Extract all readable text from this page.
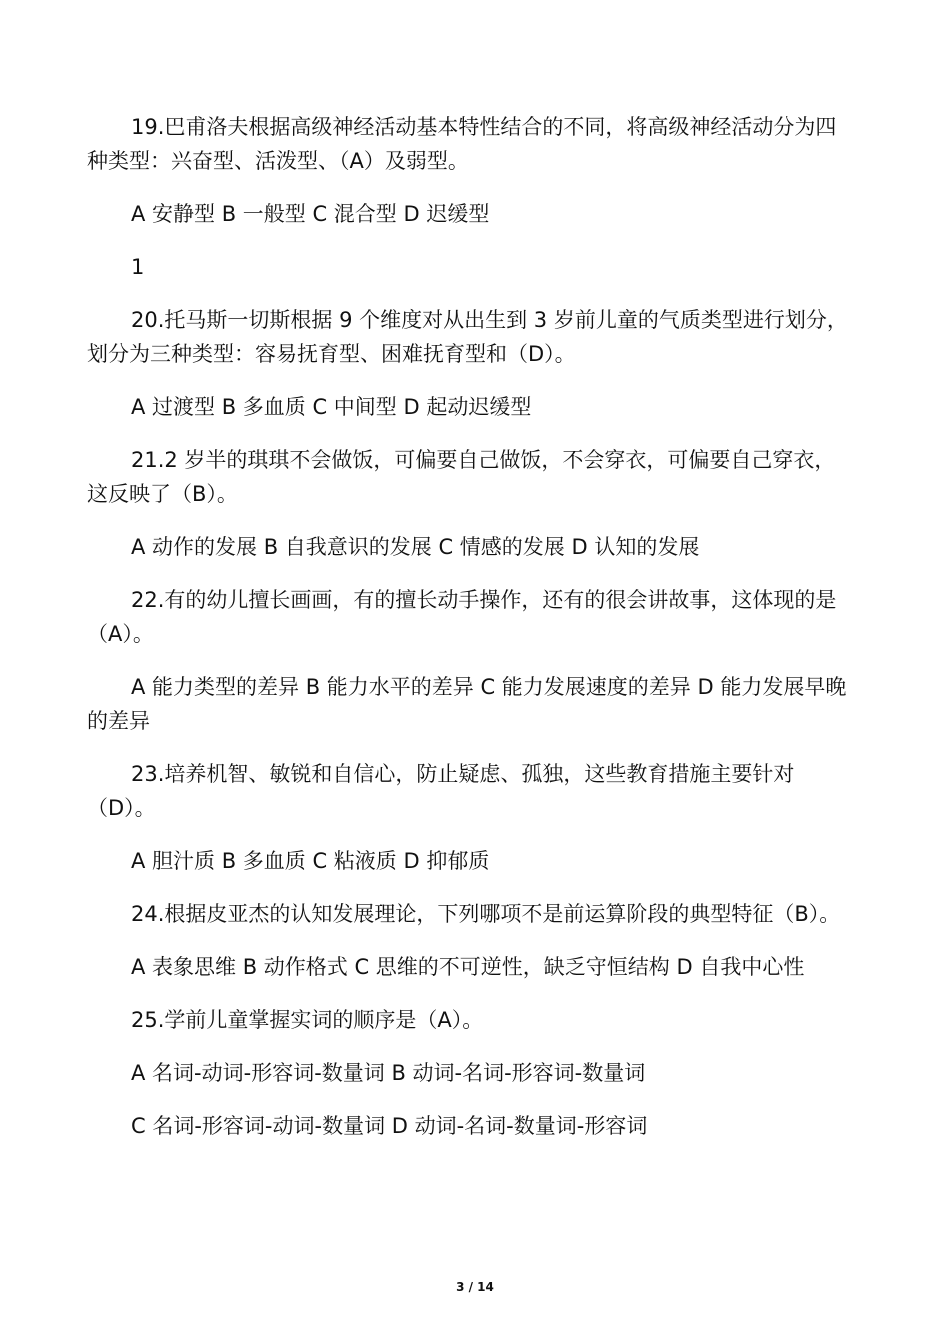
19.巴甫洛夫根据高级神经活动基本特性结合的不同，将高级神经活动分为四种类型：兴奋型、活泼型、（A）及弱型。

A 安静型 B 一般型 C 混合型 D 迟缓型

1

20.托马斯一切斯根据 9 个维度对从出生到 3 岁前儿童的气质类型进行划分，划分为三种类型：容易抚育型、困难抚育型和（D）。

A 过渡型 B 多血质 C 中间型 D 起动迟缓型

21.2 岁半的琪琪不会做饭，可偏要自己做饭，不会穿衣，可偏要自己穿衣，这反映了（B）。

A 动作的发展 B 自我意识的发展 C 情感的发展 D 认知的发展

22.有的幼儿擅长画画，有的擅长动手操作，还有的很会讲故事，这体现的是（A）。

A 能力类型的差异 B 能力水平的差异 C 能力发展速度的差异 D 能力发展早晚的差异

23.培养机智、敏锐和自信心，防止疑虑、孤独，这些教育措施主要针对（D）。

A 胆汁质 B 多血质 C 粘液质 D 抑郁质

24.根据皮亚杰的认知发展理论，下列哪项不是前运算阶段的典型特征（B）。

A 表象思维 B 动作格式 C 思维的不可逆性，缺乏守恒结构 D 自我中心性

25.学前儿童掌握实词的顺序是（A）。

A 名词-动词-形容词-数量词 B 动词-名词-形容词-数量词

C 名词-形容词-动词-数量词 D 动词-名词-数量词-形容词

3 / 14
